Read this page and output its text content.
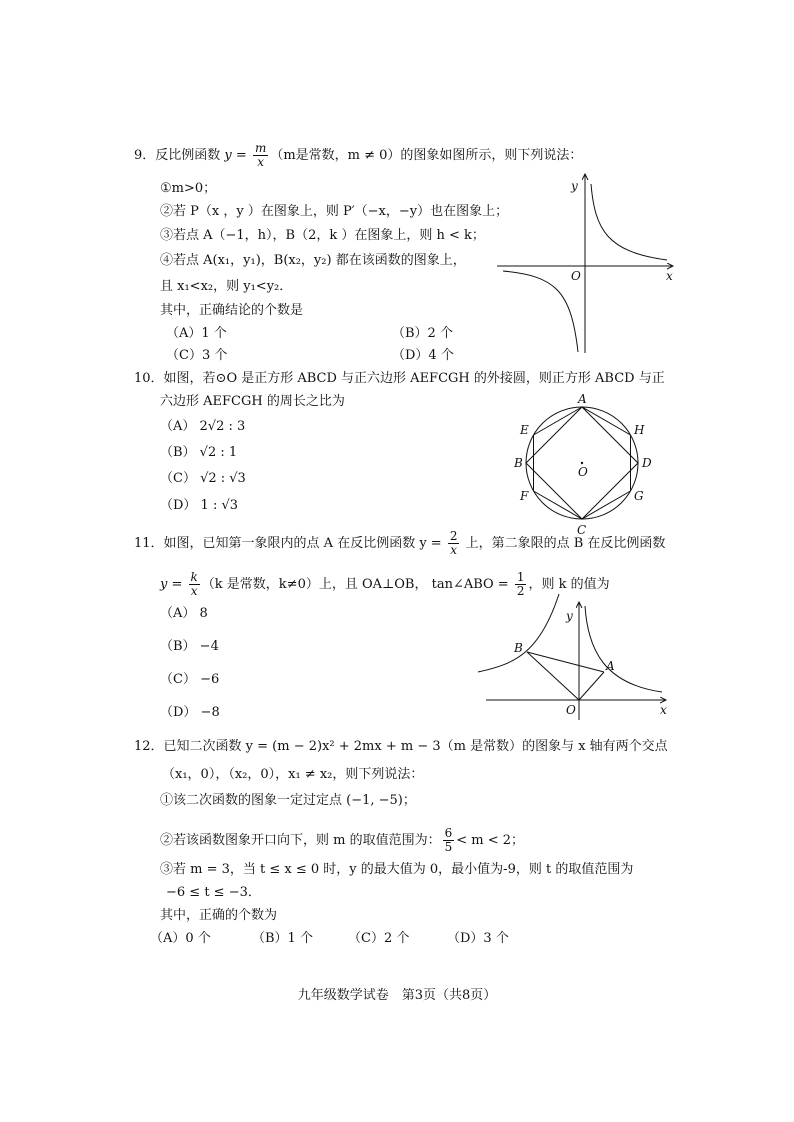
9．反比例函数 $y = \frac{m}{x} (m$是常数，m ≠ 0）的图象如图所示，则下列说法：
①m>0；
②若 P（x ，y ）在图象上，则 P′（−x，−y）也在图象上；
③若点 A（−1，h），B（2，k ）在图象上，则 h < k；
④若点 A(x₁，y₁)，B(x₂，y₂) 都在该函数的图象上，
且 x₁<x₂，则 y₁<y₂．
其中，正确结论的个数是
（A）1 个	（B）2 个
（C）3 个	（D）4 个
y
x
O
10．如图，若⊙O 是正方形 ABCD 与正六边形 AEFCGH 的外接圆，则正方形 ABCD 与正
六边形 AEFCGH 的周长之比为
（A） 2√2 : 3
（B） √2 : 1
（C） √2 : √3
（D） 1 : √3
A
C
B	D
E
F	G
H
O
11．如图，已知第一象限内的点 A 在反比例函数 $y = \frac{2}{x}$ 上，第二象限的点 B 在反比例函数
$y = \frac{k}{x} (k$ 是常数，k≠0）上，且 OA⊥OB， tan∠ABO = $\frac{1}{2}$ ，则 k 的值为
（A） 8
（B） −4
（C） −6
（D） −8
B
A
O
y
x
12．已知二次函数 y = (m − 2)x² + 2mx + m − 3（m 是常数）的图象与 x 轴有两个交点
（x₁，0），（x₂，0），x₁ ≠ x₂，则下列说法：
①该二次函数的图象一定过定点 (−1, −5)；
②若该函数图象开口向下，则 m 的取值范围为： $\frac{6}{5} < m < 2$；
③若 m = 3，当 t ≤ x ≤ 0 时，y 的最大值为 0，最小值为-9，则 t 的取值范围为
−6 ≤ t ≤ −3．
其中，正确的个数为
（A）0 个	（B）1 个	（C）2 个	（D）3 个
九年级数学试卷　第3页（共8页）
